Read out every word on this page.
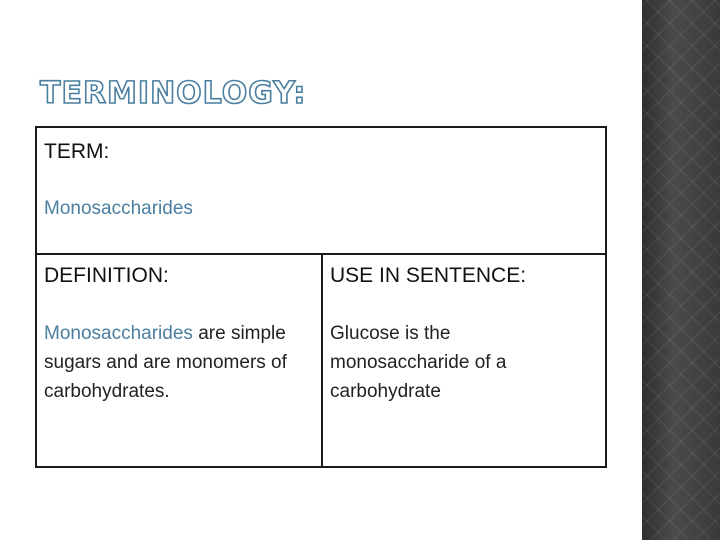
TERMINOLOGY:
TERM:
Monosaccharides
DEFINITION:
Monosaccharides are simple sugars and are monomers of carbohydrates.
USE IN SENTENCE:
Glucose is the monosaccharide of a carbohydrate
